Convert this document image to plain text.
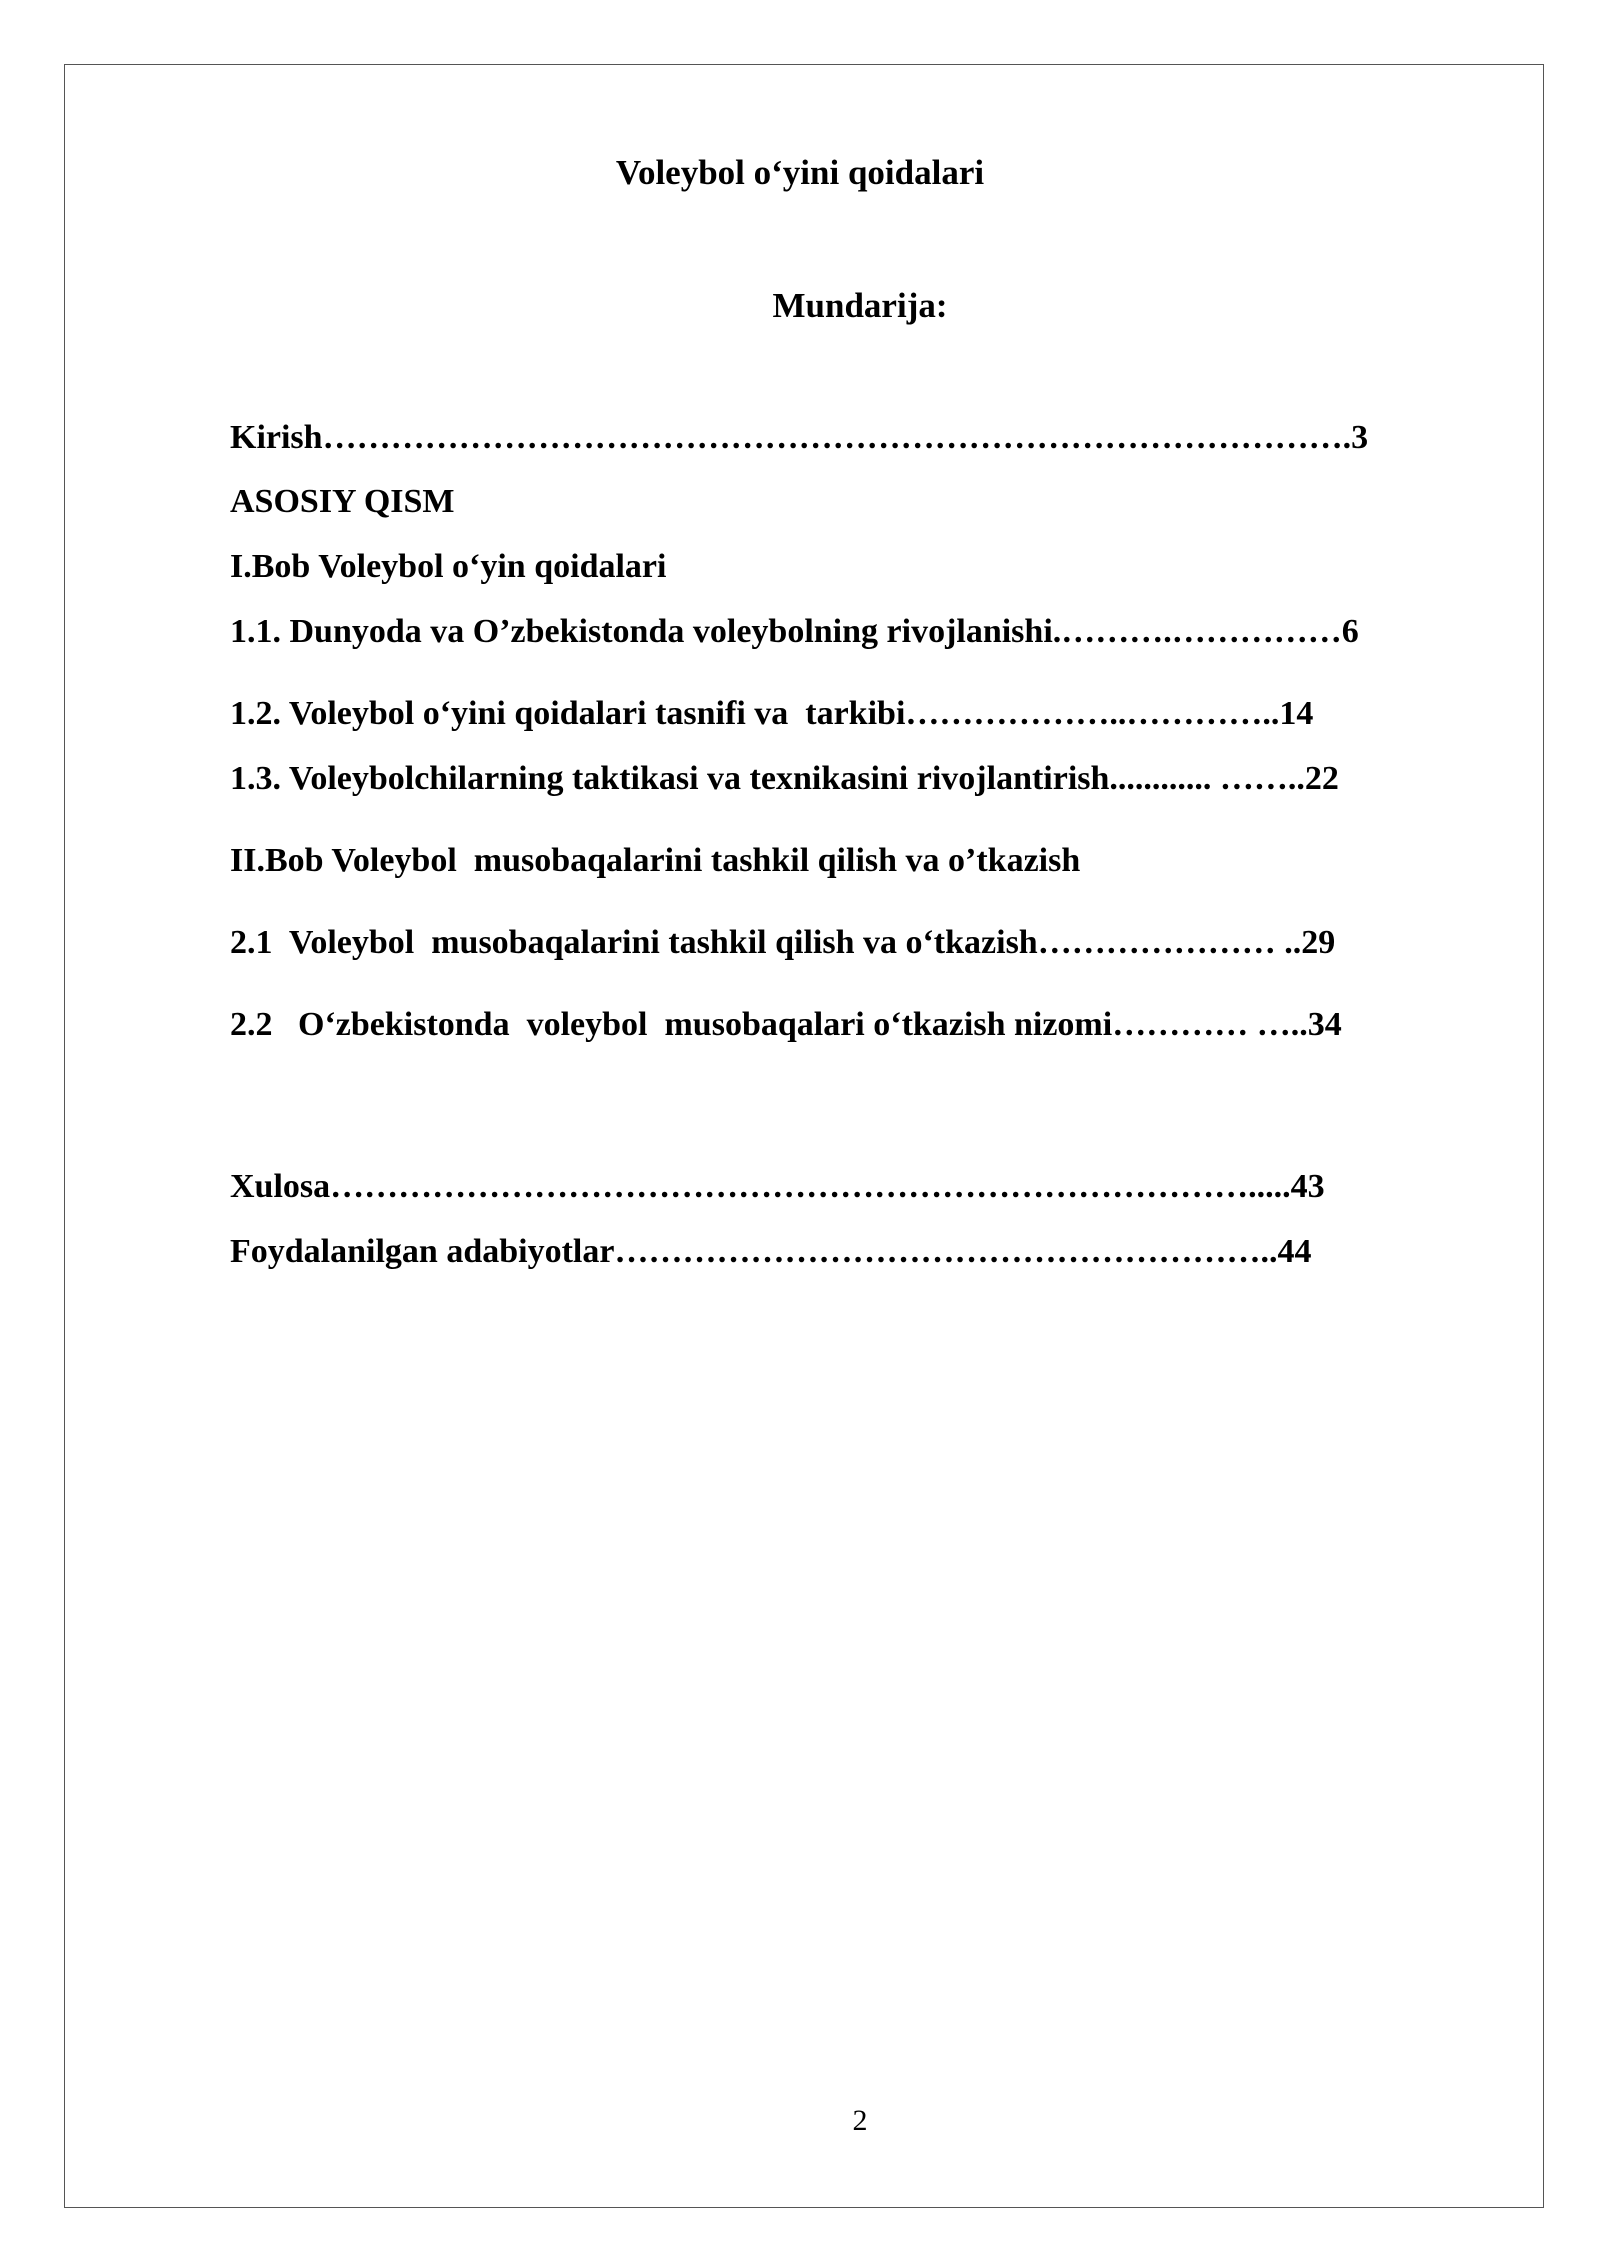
Voleybol o‘yini qoidalari
Mundarija:
Kirish……………………………………………………………………………….3
ASOSIY QISM
I.Bob Voleybol o‘yin qoidalari
1.1. Dunyoda va O’zbekistonda voleybolning rivojlanishi.……….……………6
1.2. Voleybol o‘yini qoidalari tasnifi va  tarkibi………………..…………..14
1.3. Voleybolchilarning taktikasi va texnikasini rivojlantirish............ ……..22
II.Bob Voleybol  musobaqalarini tashkil qilish va o’tkazish
2.1  Voleybol  musobaqalarini tashkil qilish va o‘tkazish………………… ..29
2.2   O‘zbekistonda  voleybol  musobaqalari o‘tkazish nizomi………… …..34
Xulosa……………………………………………………………………….....43
Foydalanilgan adabiyotlar…………………………………………………..44
2
